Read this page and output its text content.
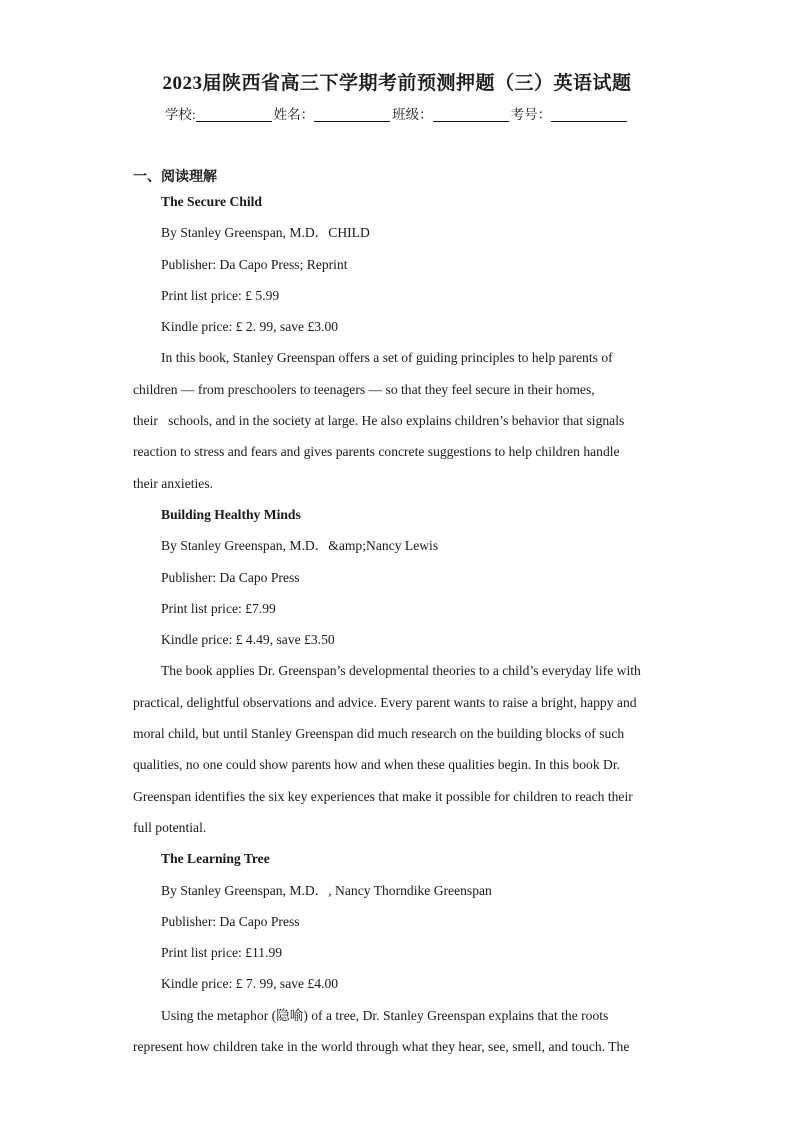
2023届陕西省高三下学期考前预测押题（三）英语试题
学校:	姓名：	班级：	考号：
一、阅读理解

The Secure Child

By Stanley Greenspan, M.D．CHILD

Publisher: Da Capo Press; Reprint

Print list price: £ 5.99

Kindle price: £ 2. 99, save £3.00

In this book, Stanley Greenspan offers a set of guiding principles to help parents of

children — from preschoolers to teenagers — so that they feel secure in their homes,

their   schools, and in the society at large. He also explains children’s behavior that signals

reaction to stress and fears and gives parents concrete suggestions to help children handle

their anxieties.

Building Healthy Minds

By Stanley Greenspan, M.D．&amp;Nancy Lewis

Publisher: Da Capo Press

Print list price: £7.99

Kindle price: £ 4.49, save £3.50

The book applies Dr. Greenspan’s developmental theories to a child’s everyday life with

practical, delightful observations and advice. Every parent wants to raise a bright, happy and

moral child, but until Stanley Greenspan did much research on the building blocks of such

qualities, no one could show parents how and when these qualities begin. In this book Dr.

Greenspan identifies the six key experiences that make it possible for children to reach their

full potential.

The Learning Tree

By Stanley Greenspan, M.D．, Nancy Thorndike Greenspan

Publisher: Da Capo Press

Print list price: £11.99

Kindle price: £ 7. 99, save £4.00

Using the metaphor (隐喻) of a tree, Dr. Stanley Greenspan explains that the roots

represent how children take in the world through what they hear, see, smell, and touch. The
